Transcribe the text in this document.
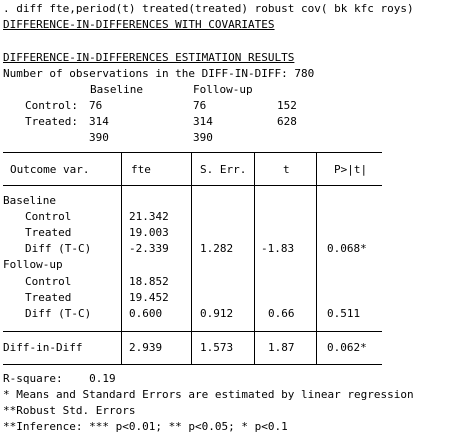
. diff fte,period(t) treated(treated) robust cov( bk kfc roys)
DIFFERENCE-IN-DIFFERENCES WITH COVARIATES
DIFFERENCE-IN-DIFFERENCES ESTIMATION RESULTS
Number of observations in the DIFF-IN-DIFF: 780
Baseline	Follow-up
Control: 76	76	152
Treated: 314	314	628
390	390
Outcome var.	fte	S. Err.	t	P>|t|
Baseline
Control	21.342
Treated	19.003
Diff (T-C)	-2.339	1.282	-1.83	0.068*
Follow-up
Control	18.852
Treated	19.452
Diff (T-C)	0.600	0.912	0.66	0.511
Diff-in-Diff	2.939	1.573	1.87	0.062*
R-square:    0.19
* Means and Standard Errors are estimated by linear regression
**Robust Std. Errors
**Inference: *** p<0.01; ** p<0.05; * p<0.1
